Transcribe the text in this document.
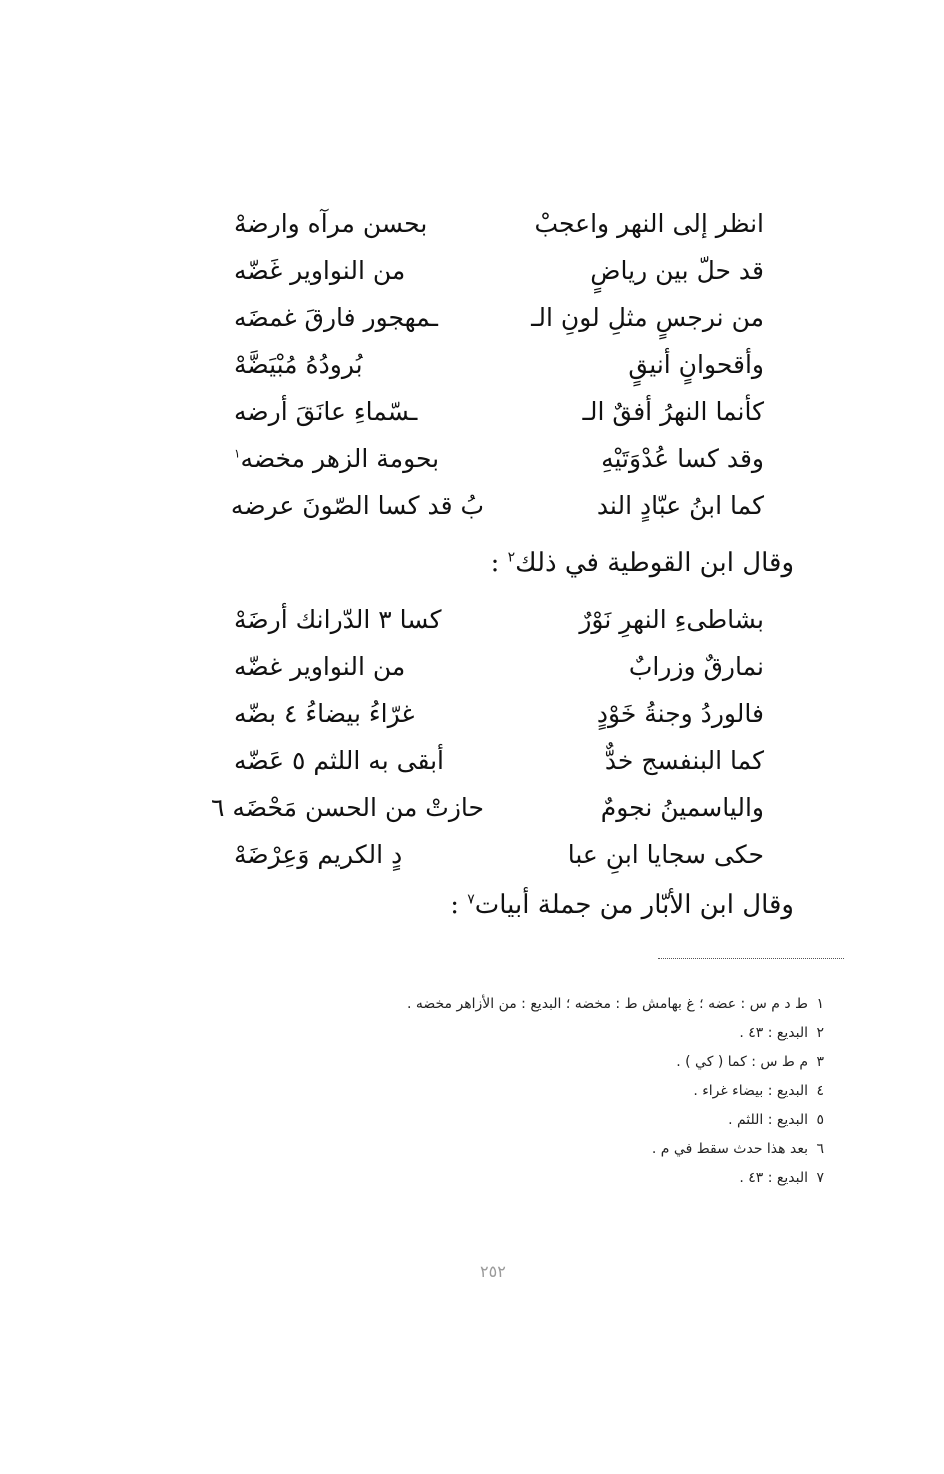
انظر إلى النهر واعجبْ
بحسن مرآه وارضهْ
قد حلّ بين رياضٍ
من النواوير غَضّه
من نرجسٍ مثلِ لونِ الـ
ـمهجور فارقَ غمضَه
وأقحوانٍ أنيقٍ
بُرودُهُ مُبْيَضَّهْ
كأنما النهرُ أفقٌ الـ
ـسّماءِ عانَقَ أرضه
وقد كسا عُدْوَتَيْهِ
بحومة الزهر مخضه$^١$
كما ابنُ عبّادٍ الند
بُ قد كسا الصّونَ عرضه
وقال ابن القوطية في ذلك$^٢$ :
بشاطىءِ النهرِ نَوْرٌ
كسا ٣ الدّرانك أرضَهْ
نمارقٌ وزرابٌ
من النواوير غضّه
فالوردُ وجنةُ خَوْدٍ
غرّاءُ بيضاءُ ٤ بضّه
كما البنفسج خدٌّ
أبقى به اللثم ٥ عَضّه
والياسمينُ نجومٌ
حازتْ من الحسن مَحْضَه ٦
حكى سجايا ابنِ عبا
دٍ الكريم وَعِرْضَهْ
وقال ابن الأبّار من جملة أبيات$^٧$ :
١ط د م س : عضه ؛ غ بهامش ط : مخضه ؛ البديع : من الأزاهر مخضه .
٢البديع : ٤٣ .
٣م ط س : كما ( كي ) .
٤البديع : بيضاء غراء .
٥البديع : اللثم .
٦بعد هذا حدث سقط في م .
٧البديع : ٤٣ .
٢٥٢
